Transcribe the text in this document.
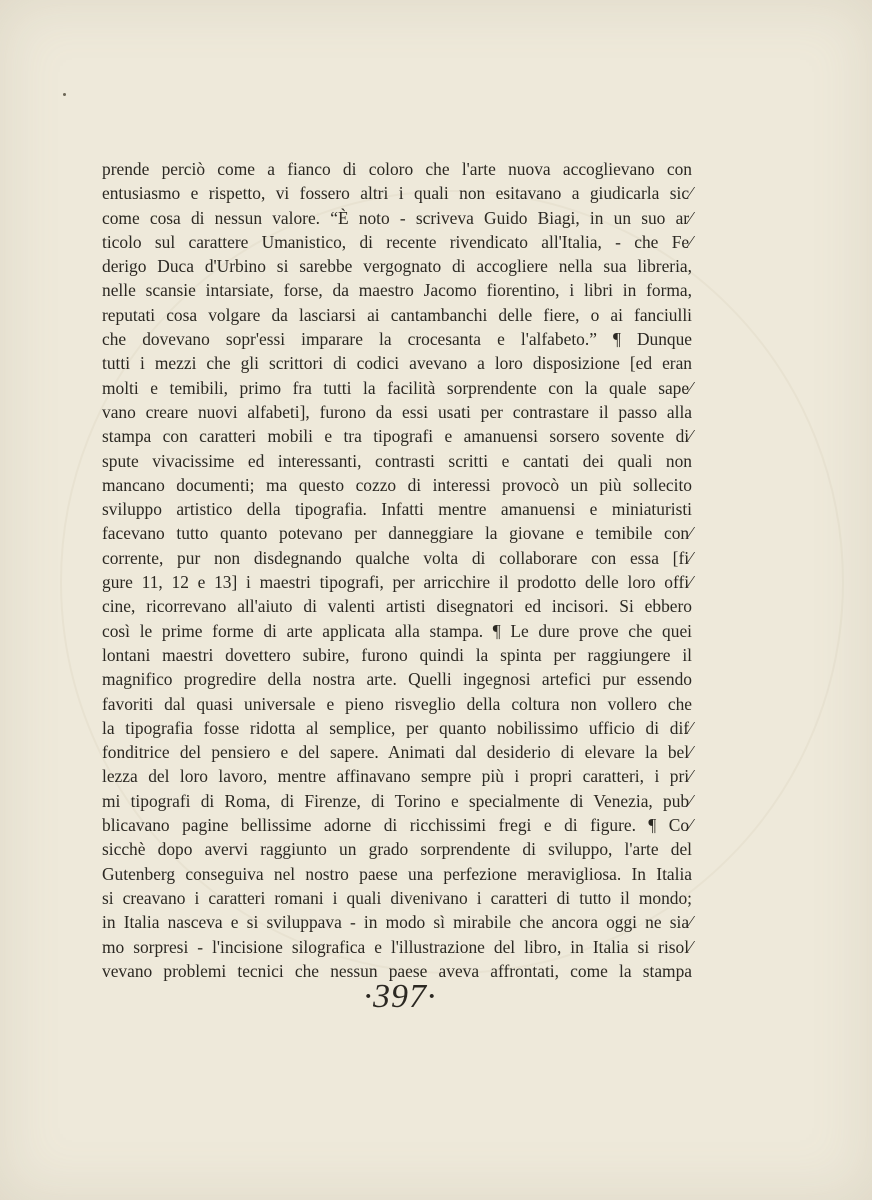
prende perciò come a fianco di coloro che l'arte nuova accoglievano con
entusiasmo e rispetto, vi fossero altri i quali non esitavano a giudicarla sic⁄
come cosa di nessun valore. “È noto - scriveva Guido Biagi, in un suo ar⁄
ticolo sul carattere Umanistico, di recente rivendicato all'Italia, - che Fe⁄
derigo Duca d'Urbino si sarebbe vergognato di accogliere nella sua libreria,
nelle scansie intarsiate, forse, da maestro Jacomo fiorentino, i libri in forma,
reputati cosa volgare da lasciarsi ai cantambanchi delle fiere, o ai fanciulli
che dovevano sopr'essi imparare la crocesanta e l'alfabeto.” ¶ Dunque
tutti i mezzi che gli scrittori di codici avevano a loro disposizione [ed eran
molti e temibili, primo fra tutti la facilità sorprendente con la quale sape⁄
vano creare nuovi alfabeti], furono da essi usati per contrastare il passo alla
stampa con caratteri mobili e tra tipografi e amanuensi sorsero sovente di⁄
spute vivacissime ed interessanti, contrasti scritti e cantati dei quali non
mancano documenti; ma questo cozzo di interessi provocò un più sollecito
sviluppo artistico della tipografia. Infatti mentre amanuensi e miniaturisti
facevano tutto quanto potevano per danneggiare la giovane e temibile con⁄
corrente, pur non disdegnando qualche volta di collaborare con essa [fi⁄
gure 11, 12 e 13] i maestri tipografi, per arricchire il prodotto delle loro offi⁄
cine, ricorrevano all'aiuto di valenti artisti disegnatori ed incisori. Si ebbero
così le prime forme di arte applicata alla stampa. ¶ Le dure prove che quei
lontani maestri dovettero subire, furono quindi la spinta per raggiungere il
magnifico progredire della nostra arte. Quelli ingegnosi artefici pur essendo
favoriti dal quasi universale e pieno risveglio della coltura non vollero che
la tipografia fosse ridotta al semplice, per quanto nobilissimo ufficio di dif⁄
fonditrice del pensiero e del sapere. Animati dal desiderio di elevare la bel⁄
lezza del loro lavoro, mentre affinavano sempre più i propri caratteri, i pri⁄
mi tipografi di Roma, di Firenze, di Torino e specialmente di Venezia, pub⁄
blicavano pagine bellissime adorne di ricchissimi fregi e di figure. ¶ Co⁄
sicchè dopo avervi raggiunto un grado sorprendente di sviluppo, l'arte del
Gutenberg conseguiva nel nostro paese una perfezione meravigliosa. In Italia
si creavano i caratteri romani i quali divenivano i caratteri di tutto il mondo;
in Italia nasceva e si sviluppava - in modo sì mirabile che ancora oggi ne sia⁄
mo sorpresi - l'incisione silografica e l'illustrazione del libro, in Italia si risol⁄
vevano problemi tecnici che nessun paese aveva affrontati, come la stampa
·397·
